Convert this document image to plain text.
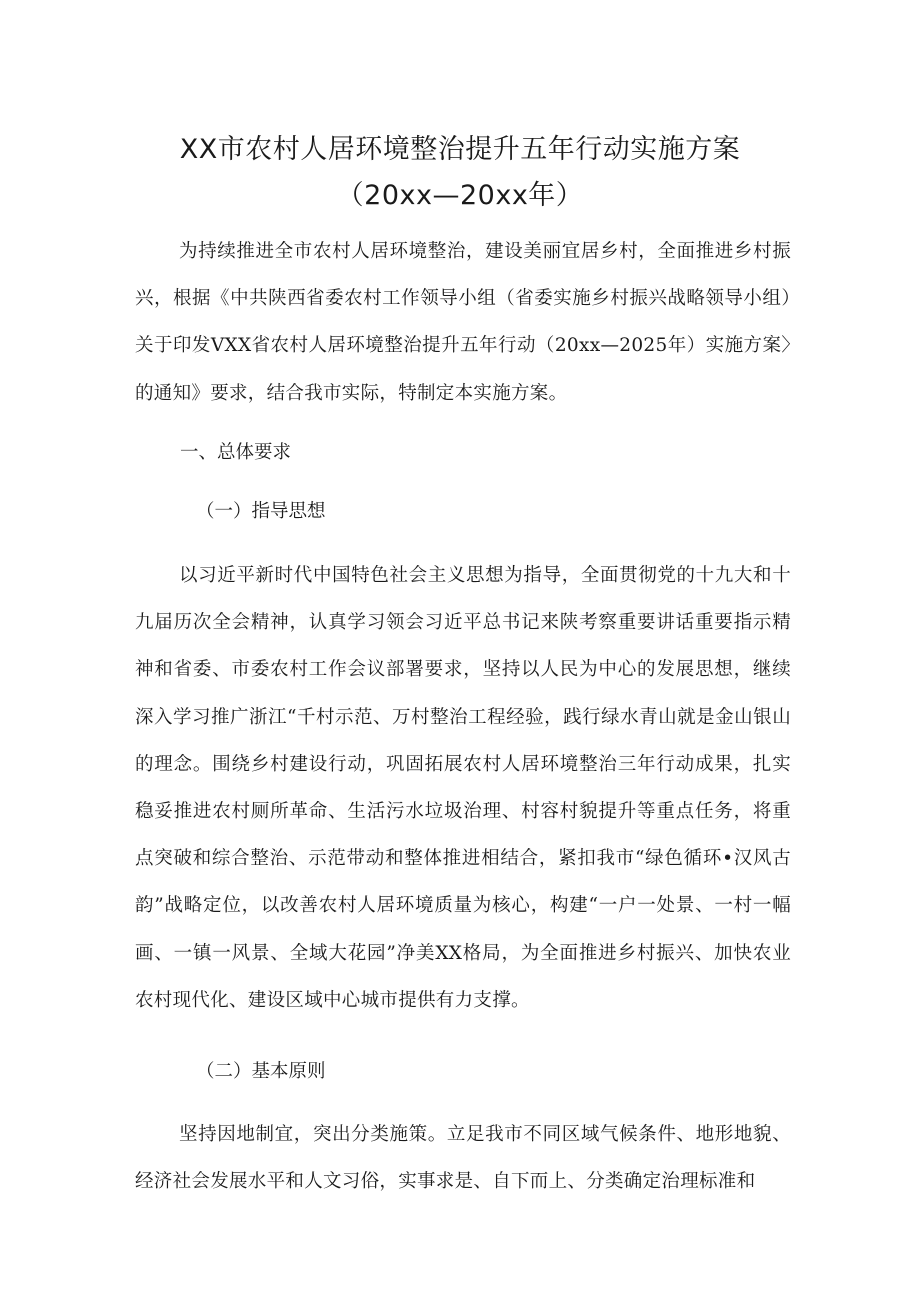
XX市农村人居环境整治提升五年行动实施方案
（20xx—20xx年）

为持续推进全市农村人居环境整治，建设美丽宜居乡村，全面推进乡村振兴，根据《中共陕西省委农村工作领导小组（省委实施乡村振兴战略领导小组）关于印发VXX省农村人居环境整治提升五年行动（20xx—2025年）实施方案〉的通知》要求，结合我市实际，特制定本实施方案。

一、总体要求

（一）指导思想

以习近平新时代中国特色社会主义思想为指导，全面贯彻党的十九大和十九届历次全会精神，认真学习领会习近平总书记来陕考察重要讲话重要指示精神和省委、市委农村工作会议部署要求，坚持以人民为中心的发展思想，继续深入学习推广浙江“千村示范、万村整治工程经验，践行绿水青山就是金山银山的理念。围绕乡村建设行动，巩固拓展农村人居环境整治三年行动成果，扎实稳妥推进农村厕所革命、生活污水垃圾治理、村容村貌提升等重点任务，将重点突破和综合整治、示范带动和整体推进相结合，紧扣我市“绿色循环•汉风古韵”战略定位，以改善农村人居环境质量为核心，构建“一户一处景、一村一幅画、一镇一风景、全域大花园”净美XX格局，为全面推进乡村振兴、加快农业农村现代化、建设区域中心城市提供有力支撑。

（二）基本原则

坚持因地制宜，突出分类施策。立足我市不同区域气候条件、地形地貌、经济社会发展水平和人文习俗，实事求是、自下而上、分类确定治理标准和
